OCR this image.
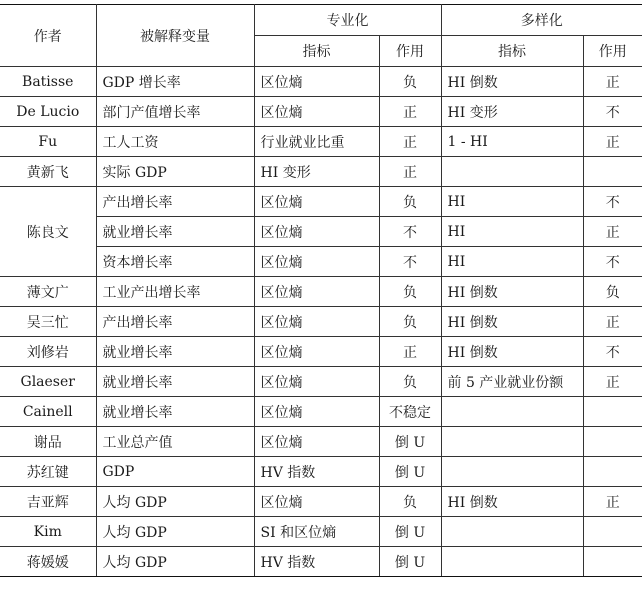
作者	被解释变量	专业化		多样化	
		指标	作用	指标	作用
Batisse	GDP 增长率	区位熵	负	HI 倒数	正
De Lucio	部门产值增长率	区位熵	正	HI 变形	不
Fu	工人工资	行业就业比重	正	1 - HI	正
黄新飞	实际 GDP	HI 变形	正		
陈良文	产出增长率	区位熵	负	HI	不
	就业增长率	区位熵	不	HI	正
	资本增长率	区位熵	不	HI	不
薄文广	工业产出增长率	区位熵	负	HI 倒数	负
吴三忙	产出增长率	区位熵	负	HI 倒数	正
刘修岩	就业增长率	区位熵	正	HI 倒数	不
Glaeser	就业增长率	区位熵	负	前 5 产业就业份额	正
Cainell	就业增长率	区位熵	不稳定		
谢品	工业总产值	区位熵	倒 U		
苏红键	GDP	HV 指数	倒 U		
吉亚辉	人均 GDP	区位熵	负	HI 倒数	正
Kim	人均 GDP	SI 和区位熵	倒 U		
蒋媛媛	人均 GDP	HV 指数	倒 U		
